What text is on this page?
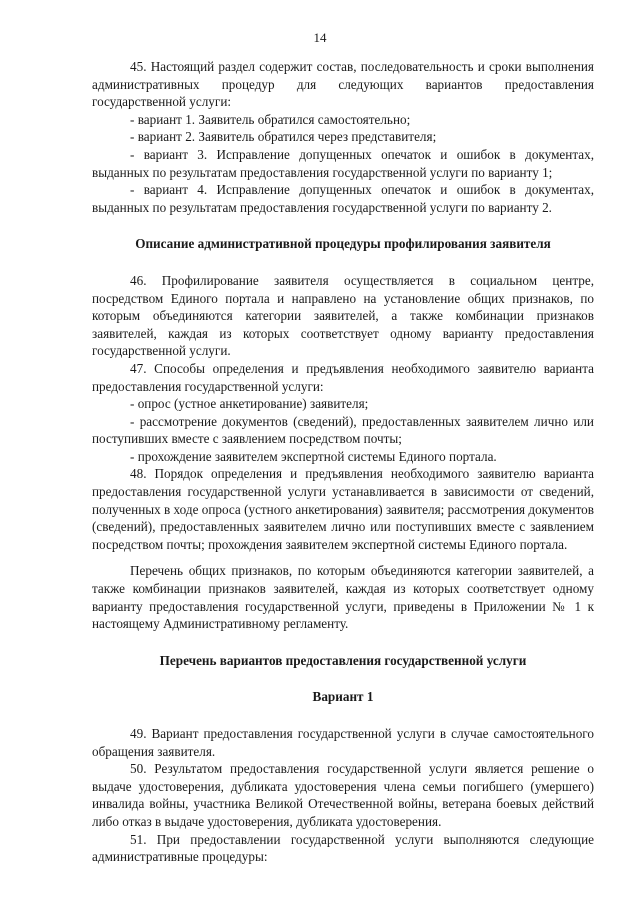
14

45. Настоящий раздел содержит состав, последовательность и сроки выполнения административных процедур для следующих вариантов предоставления государственной услуги:

- вариант 1. Заявитель обратился самостоятельно;

- вариант 2. Заявитель обратился через представителя;

- вариант 3. Исправление допущенных опечаток и ошибок в документах, выданных по результатам предоставления государственной услуги по варианту 1;

- вариант 4. Исправление допущенных опечаток и ошибок в документах, выданных по результатам предоставления государственной услуги по варианту 2.

Описание административной процедуры профилирования заявителя

46. Профилирование заявителя осуществляется в социальном центре, посредством Единого портала и направлено на установление общих признаков, по которым объединяются категории заявителей, а также комбинации признаков заявителей, каждая из которых соответствует одному варианту предоставления государственной услуги.

47. Способы определения и предъявления необходимого заявителю варианта предоставления государственной услуги:

- опрос (устное анкетирование) заявителя;

- рассмотрение документов (сведений), предоставленных заявителем лично или поступивших вместе с заявлением посредством почты;

- прохождение заявителем экспертной системы Единого портала.

48. Порядок определения и предъявления необходимого заявителю варианта предоставления государственной услуги устанавливается в зависимости от сведений, полученных в ходе опроса (устного анкетирования) заявителя; рассмотрения документов (сведений), предоставленных заявителем лично или поступивших вместе с заявлением посредством почты; прохождения заявителем экспертной системы Единого портала.

Перечень общих признаков, по которым объединяются категории заявителей, а также комбинации признаков заявителей, каждая из которых соответствует одному варианту предоставления государственной услуги, приведены в Приложении № 1 к настоящему Административному регламенту.

Перечень вариантов предоставления государственной услуги

Вариант 1

49. Вариант предоставления государственной услуги в случае самостоятельного обращения заявителя.

50. Результатом предоставления государственной услуги является решение о выдаче удостоверения, дубликата удостоверения члена семьи погибшего (умершего) инвалида войны, участника Великой Отечественной войны, ветерана боевых действий либо отказ в выдаче удостоверения, дубликата удостоверения.

51. При предоставлении государственной услуги выполняются следующие административные процедуры:
